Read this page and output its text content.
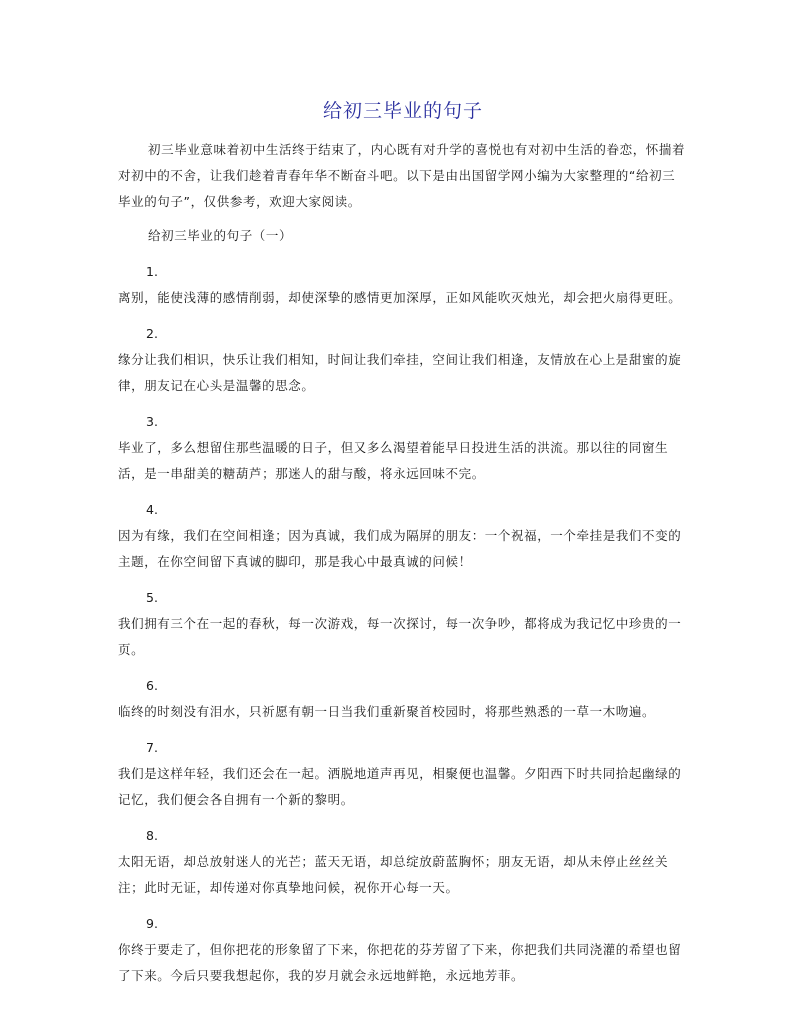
给初三毕业的句子

初三毕业意味着初中生活终于结束了，内心既有对升学的喜悦也有对初中生活的眷恋，怀揣着对初中的不舍，让我们趁着青春年华不断奋斗吧。以下是由出国留学网小编为大家整理的“给初三毕业的句子”，仅供参考，欢迎大家阅读。

给初三毕业的句子（一）

1.

离别，能使浅薄的感情削弱，却使深挚的感情更加深厚，正如风能吹灭烛光，却会把火扇得更旺。

2.

缘分让我们相识，快乐让我们相知，时间让我们牵挂，空间让我们相逢，友情放在心上是甜蜜的旋律，朋友记在心头是温馨的思念。

3.

毕业了，多么想留住那些温暖的日子，但又多么渴望着能早日投进生活的洪流。那以往的同窗生活，是一串甜美的糖葫芦；那迷人的甜与酸，将永远回味不完。

4.

因为有缘，我们在空间相逢；因为真诚，我们成为隔屏的朋友：一个祝福，一个牵挂是我们不变的主题，在你空间留下真诚的脚印，那是我心中最真诚的问候！

5.

我们拥有三个在一起的春秋，每一次游戏，每一次探讨，每一次争吵，都将成为我记忆中珍贵的一页。

6.

临终的时刻没有泪水，只祈愿有朝一日当我们重新聚首校园时，将那些熟悉的一草一木吻遍。

7.

我们是这样年轻，我们还会在一起。洒脱地道声再见，相聚便也温馨。夕阳西下时共同拾起幽绿的记忆，我们便会各自拥有一个新的黎明。

8.

太阳无语，却总放射迷人的光芒；蓝天无语，却总绽放蔚蓝胸怀；朋友无语，却从未停止丝丝关注；此时无证，却传递对你真挚地问候，祝你开心每一天。

9.

你终于要走了，但你把花的形象留了下来，你把花的芬芳留了下来，你把我们共同浇灌的希望也留了下来。今后只要我想起你，我的岁月就会永远地鲜艳，永远地芳菲。
